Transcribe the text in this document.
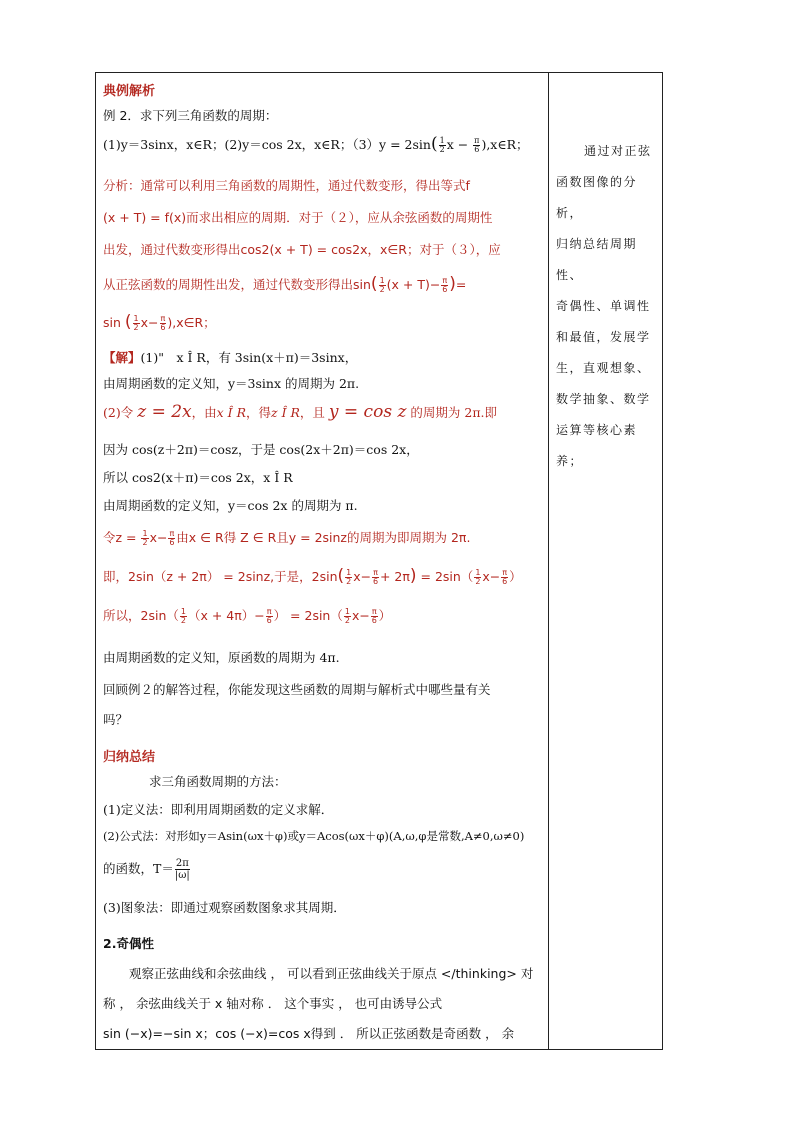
典例解析
例 2．求下列三角函数的周期：
(1)y＝3sinx，x∈R；(2)y＝cos 2x，x∈R；$(3)y = 2\sin( \frac{1}{2}$ $x - \frac{\pi}{6}$ ),x∈R；
分析：通常可以利用三角函数的周期性，通过代数变形，得出等式f
(x + T) = f(x)而求出相应的周期．对于（２），应从余弦函数的周期性
出发，通过代数变形得出cos2(x + T) = cos2x，x∈R；对于（３），应
从正弦函数的周期性出发，通过代数变形得出$\sin( \frac{1}{2} (x + T)- \frac{\pi}{6}$ )=
sin ( $\frac{1}{2} x- \frac{\pi}{6}$ ),x∈R；
【解】(1)"　x Î R，有 3sin(x＋π)＝3sinx，
由周期函数的定义知，y＝3sinx 的周期为 2π.
(2)令 z = 2x，由x Î R，得z Î R，且 y = cos z 的周期为 2π.即
因为 cos(z＋2π)＝cosz，于是 cos(2x＋2π)＝cos 2x，
所以 cos2(x＋π)＝cos 2x，x Î R
由周期函数的定义知，y＝cos 2x 的周期为 π.
令$z = \frac{1}{2} x- \frac{\pi}{6}$ 由x ∈ R得 Z ∈ R且y = 2sinz的周期为即周期为 2π.
即，2sin（z + 2π） = 2sinz,于是，$2\sin( \frac{1}{2} x- \frac{\pi}{6} + 2\pi) = 2\sin( \frac{1}{2} x- \frac{\pi}{6}$ ）
所以，$2\sin( \frac{1}{2} (x + 4\pi)- \frac{\pi}{6}$ ） = $2\sin( \frac{1}{2} x- \frac{\pi}{6}$ ）
由周期函数的定义知，原函数的周期为 4π.
回顾例２的解答过程，你能发现这些函数的周期与解析式中哪些量有关
吗？
归纳总结
求三角函数周期的方法：
(1)定义法：即利用周期函数的定义求解．
(2)公式法：对形如y＝Asin(ωx＋φ)或y＝Acos(ωx＋φ)(A,ω,φ是常数,A≠0,ω≠0)
的函数，$T= \frac{2\pi}{|\omega|}$
(3)图象法：即通过观察函数图象求其周期．
2.奇偶性
观察正弦曲线和余弦曲线 ， 可以看到正弦曲线关于原点 </thinking> 对
称 ， 余弦曲线关于 x 轴对称 ． 这个事实 ， 也可由诱导公式
sin (−x)=−sin x；cos (−x)=cos x得到 ． 所以正弦函数是奇函数 ， 余
通过对正弦
函数图像的分析，
归纳总结周期性、
奇偶性、单调性
和最值，发展学
生，直观想象、
数学抽象、数学
运算等核心素养；
